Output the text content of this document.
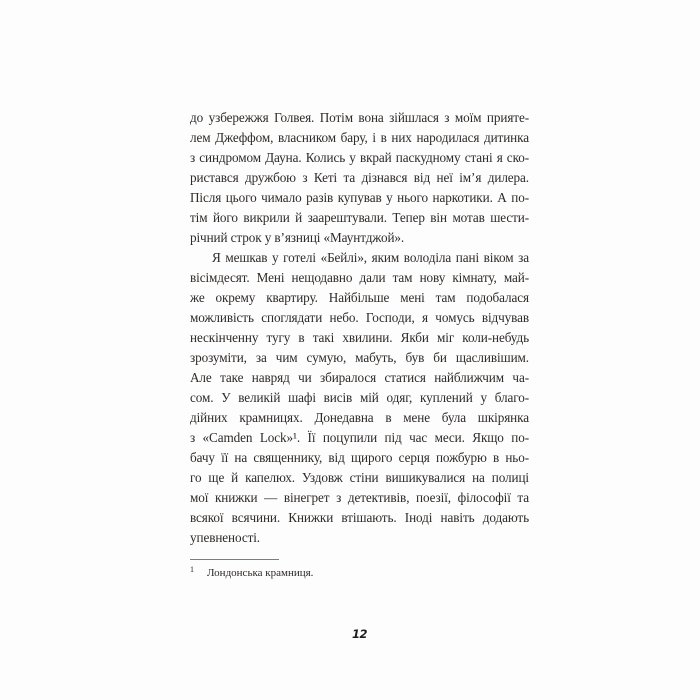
до узбережжя Голвея. Потім вона зійшлася з моїм прияте-
лем Джеффом, власником бару, і в них народилася дитинка
з синдромом Дауна. Колись у вкрай паскудному стані я ско-
ристався дружбою з Кеті та дізнався від неї ім’я дилера.
Після цього чимало разів купував у нього наркотики. А по-
тім його викрили й заарештували. Тепер він мотав шести-
річний строк у в’язниці «Маунтджой».
Я мешкав у готелі «Бейлі», яким володіла пані віком за
вісімдесят. Мені нещодавно дали там нову кімнату, май-
же окрему квартиру. Найбільше мені там подобалася
можливість споглядати небо. Господи, я чомусь відчував
нескінченну тугу в такі хвилини. Якби міг коли-небудь
зрозуміти, за чим сумую, мабуть, був би щасливішим.
Але таке навряд чи збиралося статися найближчим ча-
сом. У великій шафі висів мій одяг, куплений у благо-
дійних крамницях. Донедавна в мене була шкірянка
з «Camden Lock»¹. Її поцупили під час меси. Якщо по-
бачу її на священнику, від щирого серця пожбурю в ньо-
го ще й капелюх. Уздовж стіни вишикувалися на полиці
мої книжки — вінегрет з детективів, поезії, філософії та
всякої всячини. Книжки втішають. Іноді навіть додають
упевненості.
$^1$ Лондонська крамниця.
12
